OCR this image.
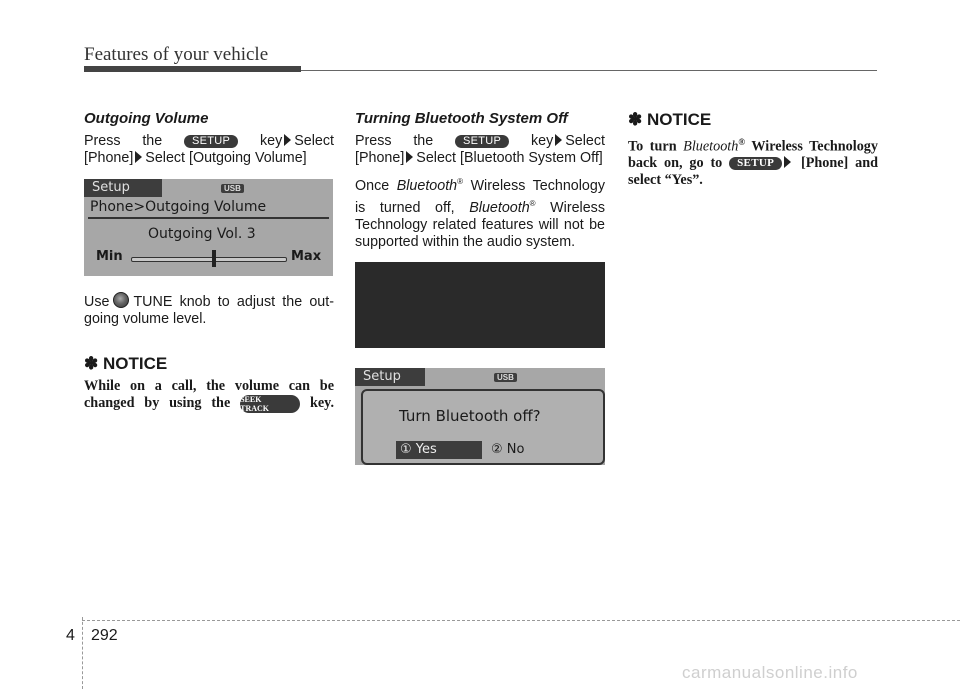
Features of your vehicle
Outgoing Volume

Press the	SETUP key Select

[Phone] Select [Outgoing Volume]

Setup	USB
Phone>Outgoing Volume
Outgoing Vol. 3
Min	Max

Use TUNE knob to adjust the out-going volume level.

✽ NOTICE

While on a call, the volume can be changed by using the SEEK
TRACK	key.

Turning Bluetooth System Off

Press the	SETUP key Select

[Phone] Select [Bluetooth System Off]

Once Bluetooth® Wireless Technology is turned off, Bluetooth® Wireless Technology related features will not be supported within the audio system.

Setup	USB
Turn Bluetooth off?
① Yes	② No
✽ NOTICE

To turn Bluetooth® Wireless Technology back on, go to SETUP [Phone] and select “Yes”.

4 292
carmanualsonline.info
